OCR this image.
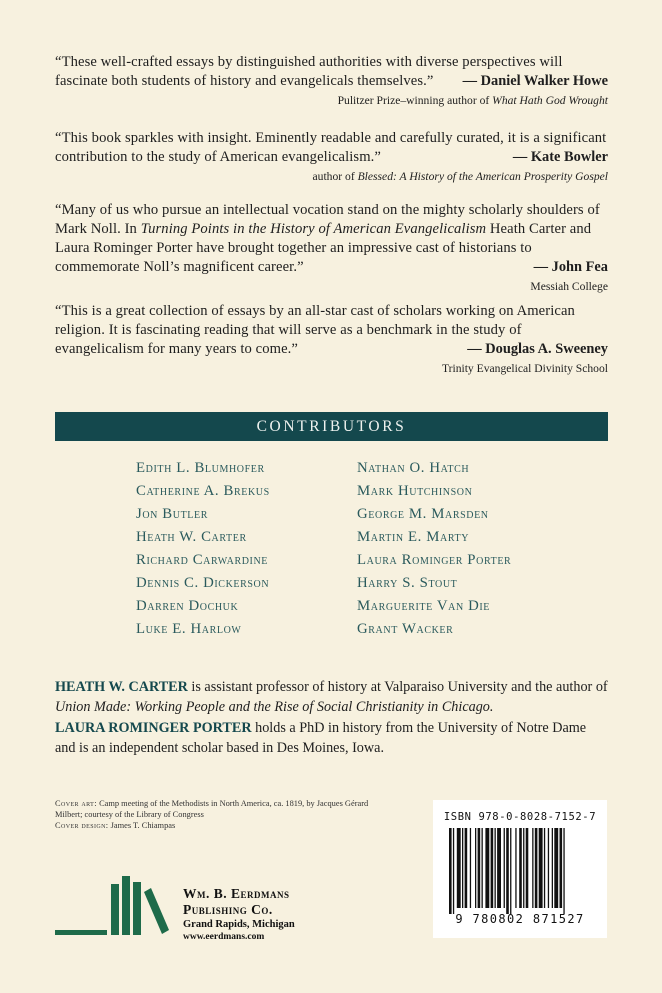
“These well-crafted essays by distinguished authorities with diverse perspectives will fascinate both students of history and evangelicals themselves.”	— Daniel Walker Howe
Pulitzer Prize–winning author of What Hath God Wrought

“This book sparkles with insight. Eminently readable and carefully curated, it is a significant contribution to the study of American evangelicalism.”	— Kate Bowler
author of Blessed: A History of the American Prosperity Gospel

“Many of us who pursue an intellectual vocation stand on the mighty scholarly shoulders of Mark Noll. In Turning Points in the History of American Evangelicalism Heath Carter and Laura Rominger Porter have brought together an impressive cast of historians to commemorate Noll’s magnificent career.”	— John Fea
Messiah College

“This is a great collection of essays by an all-star cast of scholars working on American religion. It is fascinating reading that will serve as a benchmark in the study of evangelicalism for many years to come.”	— Douglas A. Sweeney
Trinity Evangelical Divinity School
CONTRIBUTORS
Edith L. Blumhofer
Catherine A. Brekus
Jon Butler
Heath W. Carter
Richard Carwardine
Dennis C. Dickerson
Darren Dochuk
Luke E. Harlow
Nathan O. Hatch
Mark Hutchinson
George M. Marsden
Martin E. Marty
Laura Rominger Porter
Harry S. Stout
Marguerite Van Die
Grant Wacker

HEATH W. CARTER is assistant professor of history at Valparaiso University and the author of Union Made: Working People and the Rise of Social Christianity in Chicago.

LAURA ROMINGER PORTER holds a PhD in history from the University of Notre Dame and is an independent scholar based in Des Moines, Iowa.

Cover art: Camp meeting of the Methodists in North America, ca. 1819, by Jacques Gérard Milbert; courtesy of the Library of Congress
Cover design: James T. Chiampas
ISBN 978-0-8028-7152-7
9 780802 871527
Wm. B. Eerdmans
Publishing Co.
Grand Rapids, Michigan
www.eerdmans.com
